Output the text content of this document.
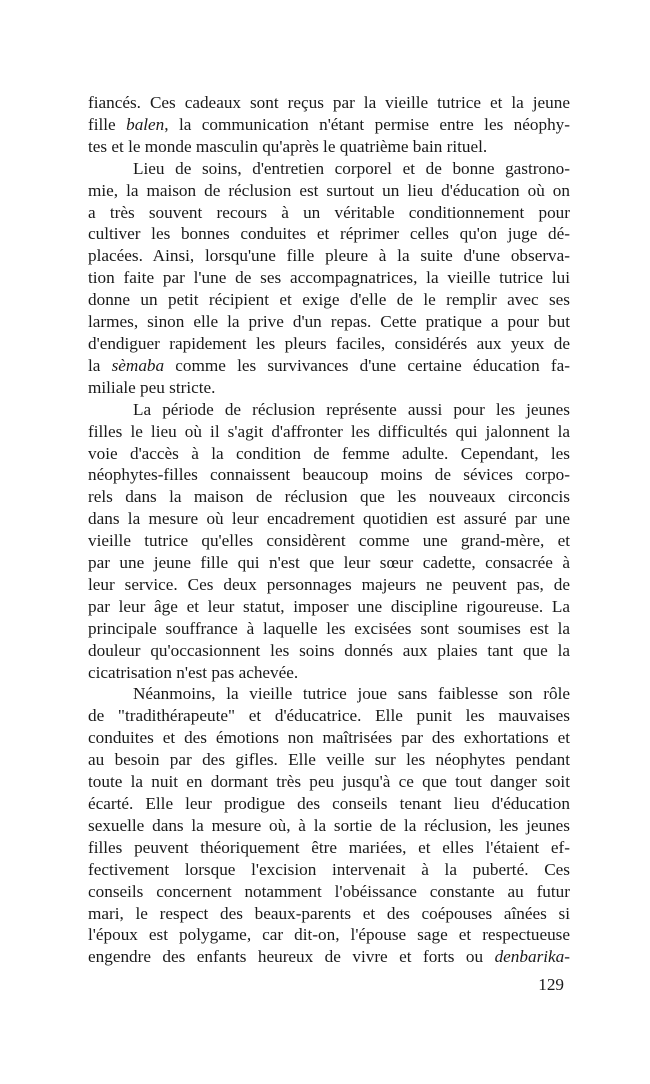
fiancés. Ces cadeaux sont reçus par la vieille tutrice et la jeune
fille balen, la communication n'étant permise entre les néophy-
tes et le monde masculin qu'après le quatrième bain rituel.
Lieu de soins, d'entretien corporel et de bonne gastrono-
mie, la maison de réclusion est surtout un lieu d'éducation où on
a très souvent recours à un véritable conditionnement pour
cultiver les bonnes conduites et réprimer celles qu'on juge dé-
placées. Ainsi, lorsqu'une fille pleure à la suite d'une observa-
tion faite par l'une de ses accompagnatrices, la vieille tutrice lui
donne un petit récipient et exige d'elle de le remplir avec ses
larmes, sinon elle la prive d'un repas. Cette pratique a pour but
d'endiguer rapidement les pleurs faciles, considérés aux yeux de
la sèmaba comme les survivances d'une certaine éducation fa-
miliale peu stricte.
La période de réclusion représente aussi pour les jeunes
filles le lieu où il s'agit d'affronter les difficultés qui jalonnent la
voie d'accès à la condition de femme adulte. Cependant, les
néophytes-filles connaissent beaucoup moins de sévices corpo-
rels dans la maison de réclusion que les nouveaux circoncis
dans la mesure où leur encadrement quotidien est assuré par une
vieille tutrice qu'elles considèrent comme une grand-mère, et
par une jeune fille qui n'est que leur sœur cadette, consacrée à
leur service. Ces deux personnages majeurs ne peuvent pas, de
par leur âge et leur statut, imposer une discipline rigoureuse. La
principale souffrance à laquelle les excisées sont soumises est la
douleur qu'occasionnent les soins donnés aux plaies tant que la
cicatrisation n'est pas achevée.
Néanmoins, la vieille tutrice joue sans faiblesse son rôle
de "tradithérapeute" et d'éducatrice. Elle punit les mauvaises
conduites et des émotions non maîtrisées par des exhortations et
au besoin par des gifles. Elle veille sur les néophytes pendant
toute la nuit en dormant très peu jusqu'à ce que tout danger soit
écarté. Elle leur prodigue des conseils tenant lieu d'éducation
sexuelle dans la mesure où, à la sortie de la réclusion, les jeunes
filles peuvent théoriquement être mariées, et elles l'étaient ef-
fectivement lorsque l'excision intervenait à la puberté. Ces
conseils concernent notamment l'obéissance constante au futur
mari, le respect des beaux-parents et des coépouses aînées si
l'époux est polygame, car dit-on, l'épouse sage et respectueuse
engendre des enfants heureux de vivre et forts ou denbarika-
129
